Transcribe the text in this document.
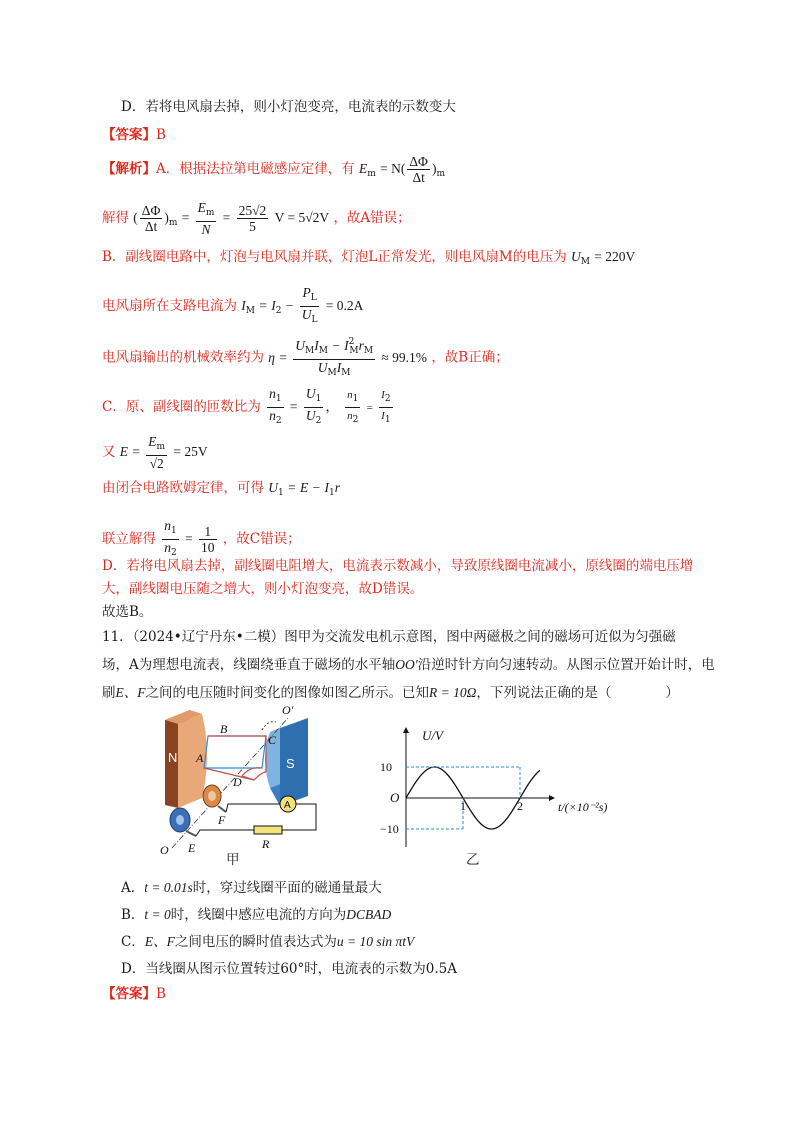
D．若将电风扇去掉，则小灯泡变亮，电流表的示数变大
【答案】B
【解析】A．根据法拉第电磁感应定律，有 $E_m = N( \frac{\Delta\Phi}{\Delta t} )_m$
解得 ( $\frac{\Delta\Phi}{\Delta t} )_m = \frac{E_m}{N} = \frac{25√2}{5}$ V = 5√2V ，故A错误；
B．副线圈电路中，灯泡与电风扇并联，灯泡L正常发光，则电风扇M的电压为 $U_M = 220V$
电风扇所在支路电流为 $I_M = I_2 - \frac{P_L}{U_L} = 0.2A$
电风扇输出的机械效率约为 $\eta = \frac{U_MI_M - I^2_Mr_M}{U_MI_M} \approx 99.1\%$ ，故B正确；
C．原、副线圈的匝数比为 $\frac{n_1}{n_2} = \frac{U_1}{U_2}$ ， $\frac{n_1}{n_2} = \frac{I_2}{I_1}$
又 $E = \frac{E_m}{√2} = 25V$
由闭合电路欧姆定律，可得 $U_1 = E - I_1r$
联立解得 $\frac{n_1}{n_2} = \frac{1}{10}$ ，故C错误；
D．若将电风扇去掉，副线圈电阻增大，电流表示数减小，导致原线圈电流减小，原线圈的端电压增
大，副线圈电压随之增大，则小灯泡变亮，故D错误。
故选B。
11．（2024•辽宁丹东•二模）图甲为交流发电机示意图，图中两磁极之间的磁场可近似为匀强磁
场，A为理想电流表，线圈绕垂直于磁场的水平轴OO′沿逆时针方向匀速转动。从图示位置开始计时，电
刷E、F之间的电压随时间变化的图像如图乙所示。已知R = 10Ω，下列说法正确的是（　　　　）
N	S
B
C
A
D
O′
A
F
E	R
O
甲
1	2
10
−10
U/V
O
t/(×10⁻²s)
乙
A．t = 0.01s时，穿过线圈平面的磁通量最大
B．t = 0时，线圈中感应电流的方向为DCBAD
C．E、F之间电压的瞬时值表达式为u = 10 sin πtV
D．当线圈从图示位置转过60°时，电流表的示数为0.5A
【答案】B
